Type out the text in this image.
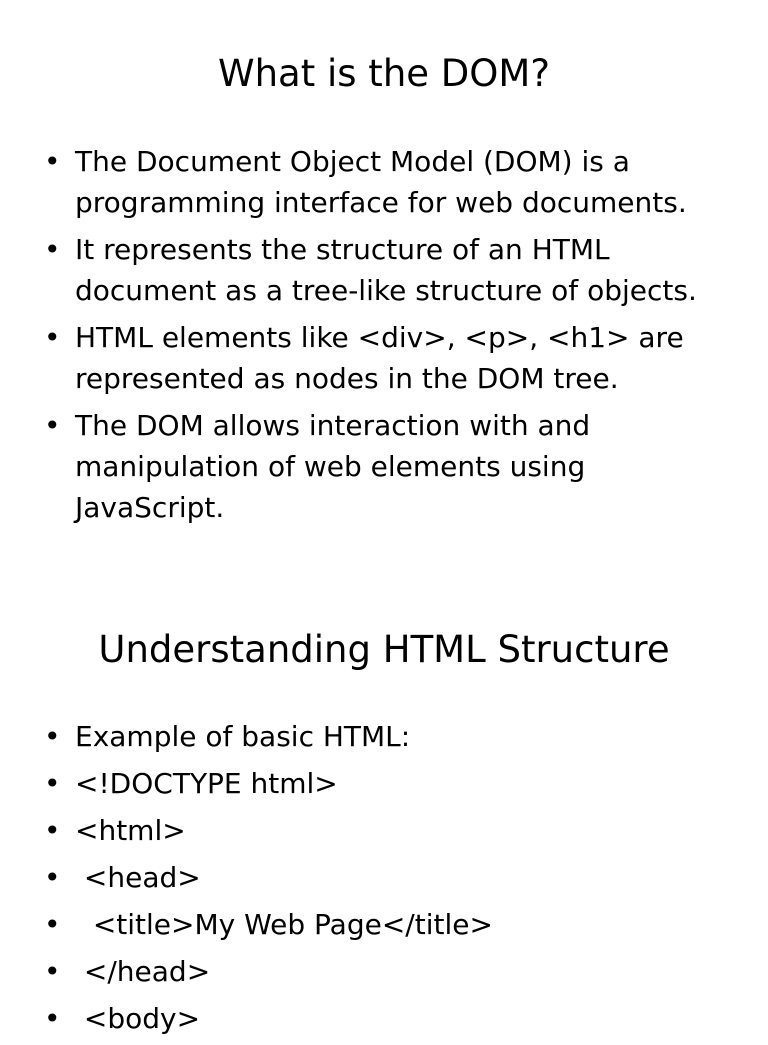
What is the DOM?
• The Document Object Model (DOM) is a programming interface for web documents.
• It represents the structure of an HTML document as a tree-like structure of objects.
• HTML elements like <div>, <p>, <h1> are represented as nodes in the DOM tree.
• The DOM allows interaction with and manipulation of web elements using JavaScript.
Understanding HTML Structure
• Example of basic HTML:
• <!DOCTYPE html>
• <html>
• <head>
• <title>My Web Page</title>
• </head>
• <body>
